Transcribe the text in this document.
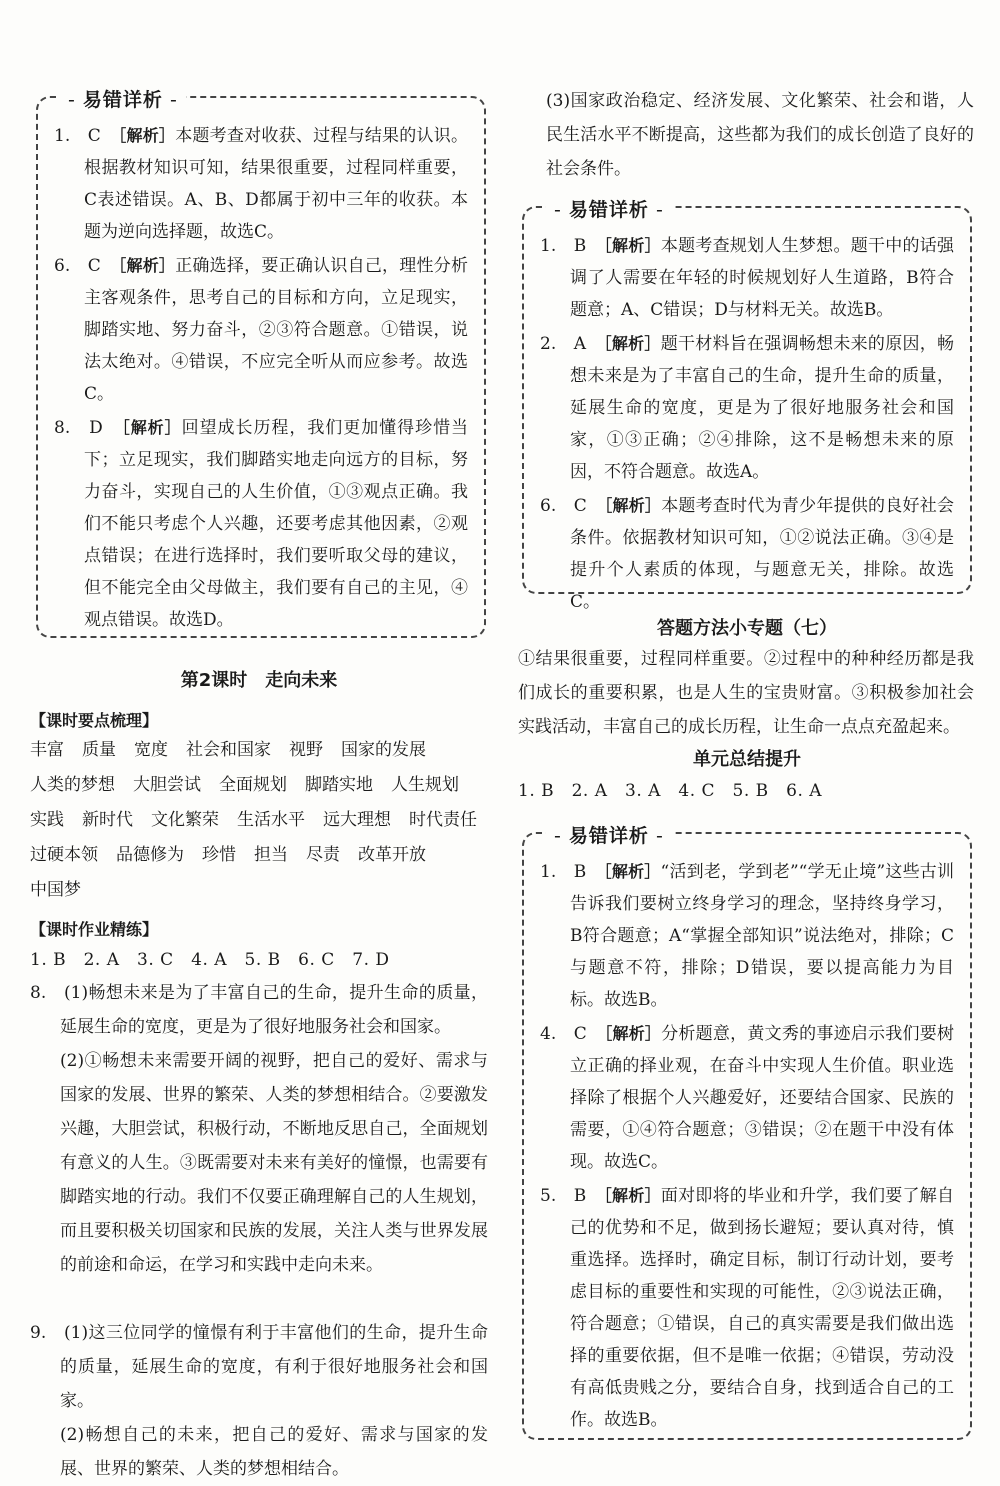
- 易错详析 -
1.　 C　 ［解析］本题考查对收获、过程与结果的认识。根据教材知识可知，结果很重要，过程同样重要，C表述错误。A、B、D都属于初中三年的收获。本题为逆向选择题，故选C。
6.　 C　 ［解析］正确选择，要正确认识自己，理性分析主客观条件，思考自己的目标和方向，立足现实，脚踏实地、努力奋斗，②③符合题意。①错误，说法太绝对。④错误，不应完全听从而应参考。故选C。
8.　 D　 ［解析］回望成长历程，我们更加懂得珍惜当下；立足现实，我们脚踏实地走向远方的目标，努力奋斗，实现自己的人生价值，①③观点正确。我们不能只考虑个人兴趣，还要考虑其他因素，②观点错误；在进行选择时，我们要听取父母的建议，但不能完全由父母做主，我们要有自己的主见，④观点错误。故选D。
第2课时　走向未来
【课时要点梳理】
丰富 质量 宽度 社会和国家 视野 国家的发展
人类的梦想 大胆尝试 全面规划 脚踏实地 人生规划
实践 新时代 文化繁荣 生活水平 远大理想 时代责任
过硬本领 品德修为 珍惜 担当 尽责 改革开放
中国梦
【课时作业精练】
1. B　2. A　3. C　4. A　5. B　6. C　7. D
8.　 (1)畅想未来是为了丰富自己的生命，提升生命的质量，延展生命的宽度，更是为了很好地服务社会和国家。
(2)①畅想未来需要开阔的视野，把自己的爱好、需求与国家的发展、世界的繁荣、人类的梦想相结合。②要激发兴趣，大胆尝试，积极行动，不断地反思自己，全面规划有意义的人生。③既需要对未来有美好的憧憬，也需要有脚踏实地的行动。我们不仅要正确理解自己的人生规划，而且要积极关切国家和民族的发展，关注人类与世界发展的前途和命运，在学习和实践中走向未来。
9.　 (1)这三位同学的憧憬有利于丰富他们的生命，提升生命的质量，延展生命的宽度，有利于很好地服务社会和国家。
(2)畅想自己的未来，把自己的爱好、需求与国家的发展、世界的繁荣、人类的梦想相结合。
(3)国家政治稳定、经济发展、文化繁荣、社会和谐，人民生活水平不断提高，这些都为我们的成长创造了良好的社会条件。
- 易错详析 -
1.　 B　 ［解析］本题考查规划人生梦想。题干中的话强调了人需要在年轻的时候规划好人生道路，B符合题意；A、C错误；D与材料无关。故选B。
2.　 A　 ［解析］题干材料旨在强调畅想未来的原因，畅想未来是为了丰富自己的生命，提升生命的质量，延展生命的宽度，更是为了很好地服务社会和国家，①③正确；②④排除，这不是畅想未来的原因，不符合题意。故选A。
6.　 C　 ［解析］本题考查时代为青少年提供的良好社会条件。依据教材知识可知，①②说法正确。③④是提升个人素质的体现，与题意无关，排除。故选C。
答题方法小专题（七）
①结果很重要，过程同样重要。②过程中的种种经历都是我们成长的重要积累，也是人生的宝贵财富。③积极参加社会实践活动，丰富自己的成长历程，让生命一点点充盈起来。
单元总结提升
1. B　2. A　3. A　4. C　5. B　6. A
- 易错详析 -
1.　 B　 ［解析］“活到老，学到老”“学无止境”这些古训告诉我们要树立终身学习的理念，坚持终身学习，B符合题意；A“掌握全部知识”说法绝对，排除；C与题意不符，排除；D错误，要以提高能力为目标。故选B。
4.　 C　 ［解析］分析题意，黄文秀的事迹启示我们要树立正确的择业观，在奋斗中实现人生价值。职业选择除了根据个人兴趣爱好，还要结合国家、民族的需要，①④符合题意；③错误；②在题干中没有体现。故选C。
5.　 B　 ［解析］面对即将的毕业和升学，我们要了解自己的优势和不足，做到扬长避短；要认真对待，慎重选择。选择时，确定目标，制订行动计划，要考虑目标的重要性和实现的可能性，②③说法正确，符合题意；①错误，自己的真实需要是我们做出选择的重要依据，但不是唯一依据；④错误，劳动没有高低贵贱之分，要结合自身，找到适合自己的工作。故选B。
